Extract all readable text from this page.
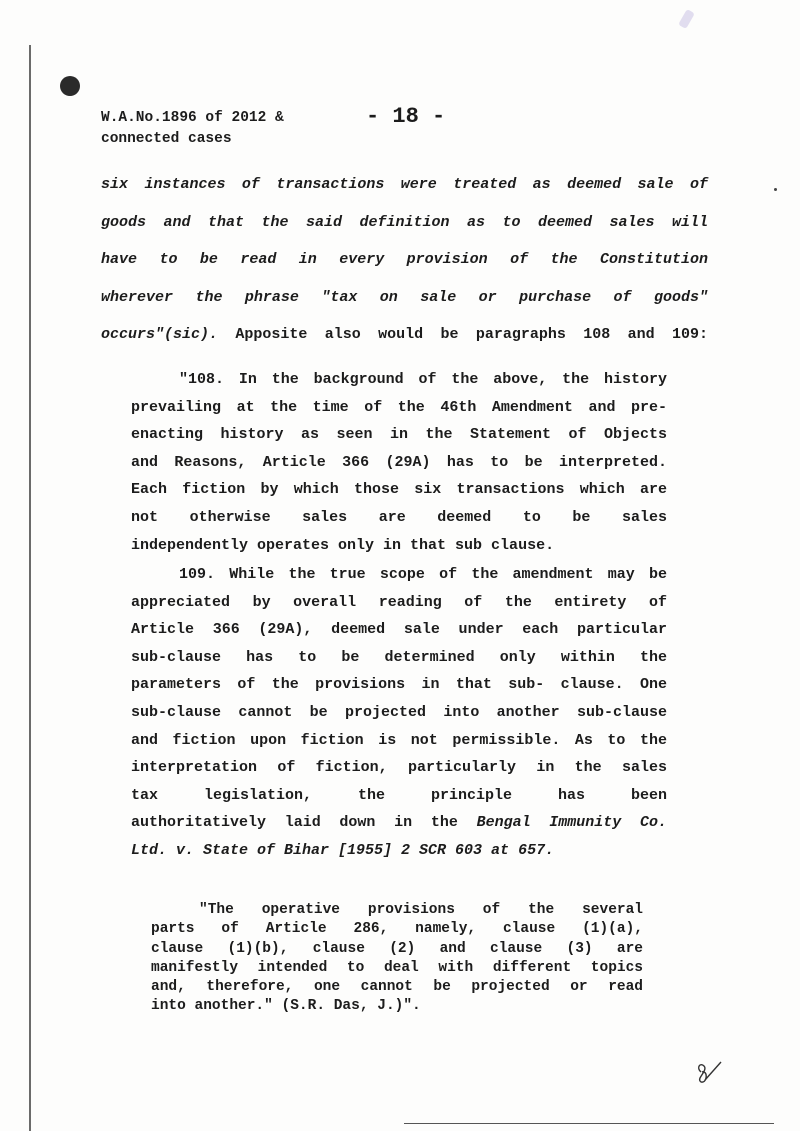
W.A.No.1896 of 2012 &
connected cases
- 18 -
six instances of transactions were treated as deemed sale of
goods and that the said definition as to deemed sales will
have to be read in every provision of the Constitution
wherever the phrase "tax on sale or purchase of goods"
occurs"(sic). Apposite also would be paragraphs 108 and 109:
"108. In the background of the above, the history
prevailing at the time of the 46th Amendment and pre-
enacting history as seen in the Statement of Objects
and Reasons, Article 366 (29A) has to be interpreted.
Each fiction by which those six transactions which are
not otherwise sales are deemed to be sales
independently operates only in that sub clause.
109. While the true scope of the amendment may be
appreciated by overall reading of the entirety of
Article 366 (29A), deemed sale under each particular
sub-clause has to be determined only within the
parameters of the provisions in that sub- clause. One
sub-clause cannot be projected into another sub-clause
and fiction upon fiction is not permissible. As to the
interpretation of fiction, particularly in the sales
tax legislation, the principle has been
authoritatively laid down in the Bengal Immunity Co.
Ltd. v. State of Bihar [1955] 2 SCR 603 at 657.
"The operative provisions of the several
parts of Article 286, namely, clause (1)(a),
clause (1)(b), clause (2) and clause (3) are
manifestly intended to deal with different topics
and, therefore, one cannot be projected or read
into another." (S.R. Das, J.)".
